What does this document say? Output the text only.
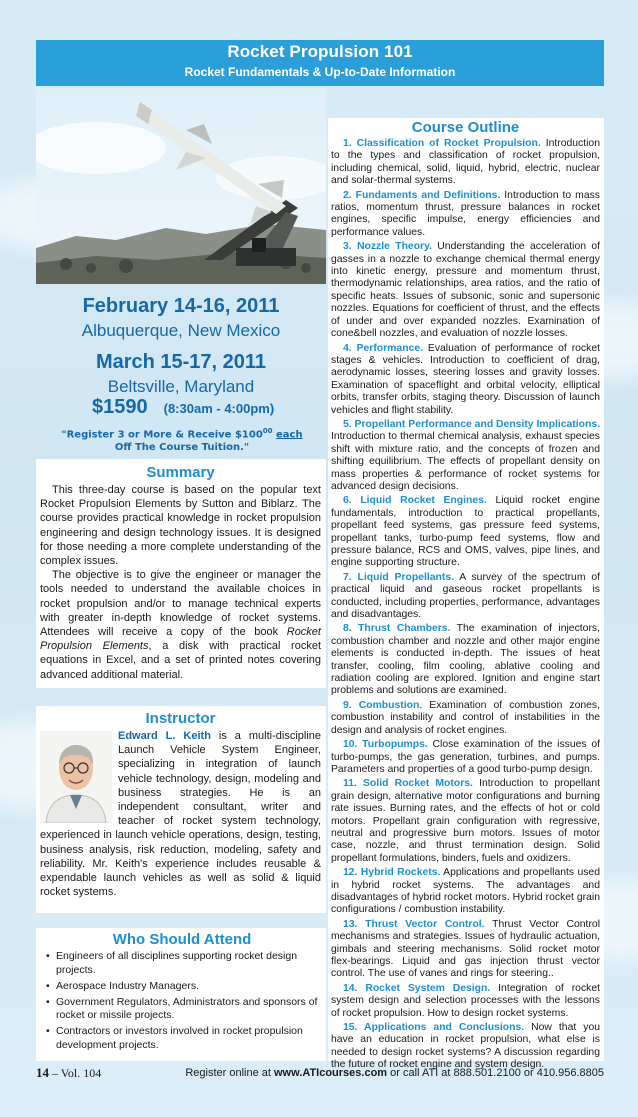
Rocket Propulsion 101
Rocket Fundamentals & Up-to-Date Information
February 14-16, 2011
Albuquerque, New Mexico
March 15-17, 2011
Beltsville, Maryland
$1590 (8:30am - 4:00pm)
"Register 3 or More & Receive $\$100^{00}$ each
Off The Course Tuition."
Summary

This three-day course is based on the popular text Rocket Propulsion Elements by Sutton and Biblarz. The course provides practical knowledge in rocket propulsion engineering and design technology issues. It is designed for those needing a more complete understanding of the complex issues.

The objective is to give the engineer or manager the tools needed to understand the available choices in rocket propulsion and/or to manage technical experts with greater in-depth knowledge of rocket systems. Attendees will receive a copy of the book Rocket Propulsion Elements, a disk with practical rocket equations in Excel, and a set of printed notes covering advanced additional material.

Instructor
Edward L. Keith
is a multi-discipline Launch Vehicle System Engineer, specializing in integration of launch vehicle technology, design, modeling and business strategies. He is an independent consultant, writer and teacher of rocket system technology, experienced in launch vehicle operations, design, testing, business analysis, risk reduction, modeling, safety and reliability. Mr. Keith's experience includes reusable & expendable launch vehicles as well as solid & liquid rocket systems.
Who Should Attend
• Engineers of all disciplines supporting rocket design projects.
• Aerospace Industry Managers.
• Government Regulators, Administrators and sponsors of rocket or missile projects.
• Contractors or investors involved in rocket propulsion development projects.
Course Outline
1. Classification of Rocket Propulsion. Introduction to the types and classification of rocket propulsion, including chemical, solid, liquid, hybrid, electric, nuclear and solar-thermal systems.
2. Fundaments and Definitions. Introduction to mass ratios, momentum thrust, pressure balances in rocket engines, specific impulse, energy efficiencies and performance values.
3. Nozzle Theory. Understanding the acceleration of gasses in a nozzle to exchange chemical thermal energy into kinetic energy, pressure and momentum thrust, thermodynamic relationships, area ratios, and the ratio of specific heats. Issues of subsonic, sonic and supersonic nozzles. Equations for coefficient of thrust, and the effects of under and over expanded nozzles. Examination of cone&bell nozzles, and evaluation of nozzle losses.
4. Performance. Evaluation of performance of rocket stages & vehicles. Introduction to coefficient of drag, aerodynamic losses, steering losses and gravity losses. Examination of spaceflight and orbital velocity, elliptical orbits, transfer orbits, staging theory. Discussion of launch vehicles and flight stability.
5. Propellant Performance and Density Implications. Introduction to thermal chemical analysis, exhaust species shift with mixture ratio, and the concepts of frozen and shifting equilibrium. The effects of propellant density on mass properties & performance of rocket systems for advanced design decisions.
6. Liquid Rocket Engines. Liquid rocket engine fundamentals, introduction to practical propellants, propellant feed systems, gas pressure feed systems, propellant tanks, turbo-pump feed systems, flow and pressure balance, RCS and OMS, valves, pipe lines, and engine supporting structure.
7. Liquid Propellants. A survey of the spectrum of practical liquid and gaseous rocket propellants is conducted, including properties, performance, advantages and disadvantages.
8. Thrust Chambers. The examination of injectors, combustion chamber and nozzle and other major engine elements is conducted in-depth. The issues of heat transfer, cooling, film cooling, ablative cooling and radiation cooling are explored. Ignition and engine start problems and solutions are examined.
9. Combustion. Examination of combustion zones, combustion instability and control of instabilities in the design and analysis of rocket engines.
10. Turbopumps. Close examination of the issues of turbo-pumps, the gas generation, turbines, and pumps. Parameters and properties of a good turbo-pump design.
11. Solid Rocket Motors. Introduction to propellant grain design, alternative motor configurations and burning rate issues. Burning rates, and the effects of hot or cold motors. Propellant grain configuration with regressive, neutral and progressive burn motors. Issues of motor case, nozzle, and thrust termination design. Solid propellant formulations, binders, fuels and oxidizers.
12. Hybrid Rockets. Applications and propellants used in hybrid rocket systems. The advantages and disadvantages of hybrid rocket motors. Hybrid rocket grain configurations / combustion instability.
13. Thrust Vector Control. Thrust Vector Control mechanisms and strategies. Issues of hydraulic actuation, gimbals and steering mechanisms. Solid rocket motor flex-bearings. Liquid and gas injection thrust vector control. The use of vanes and rings for steering..
14. Rocket System Design. Integration of rocket system design and selection processes with the lessons of rocket propulsion. How to design rocket systems.
15. Applications and Conclusions. Now that you have an education in rocket propulsion, what else is needed to design rocket systems? A discussion regarding the future of rocket engine and system design.
14 – Vol. 104	Register online at www.ATIcourses.com or call ATI at 888.501.2100 or 410.956.8805
